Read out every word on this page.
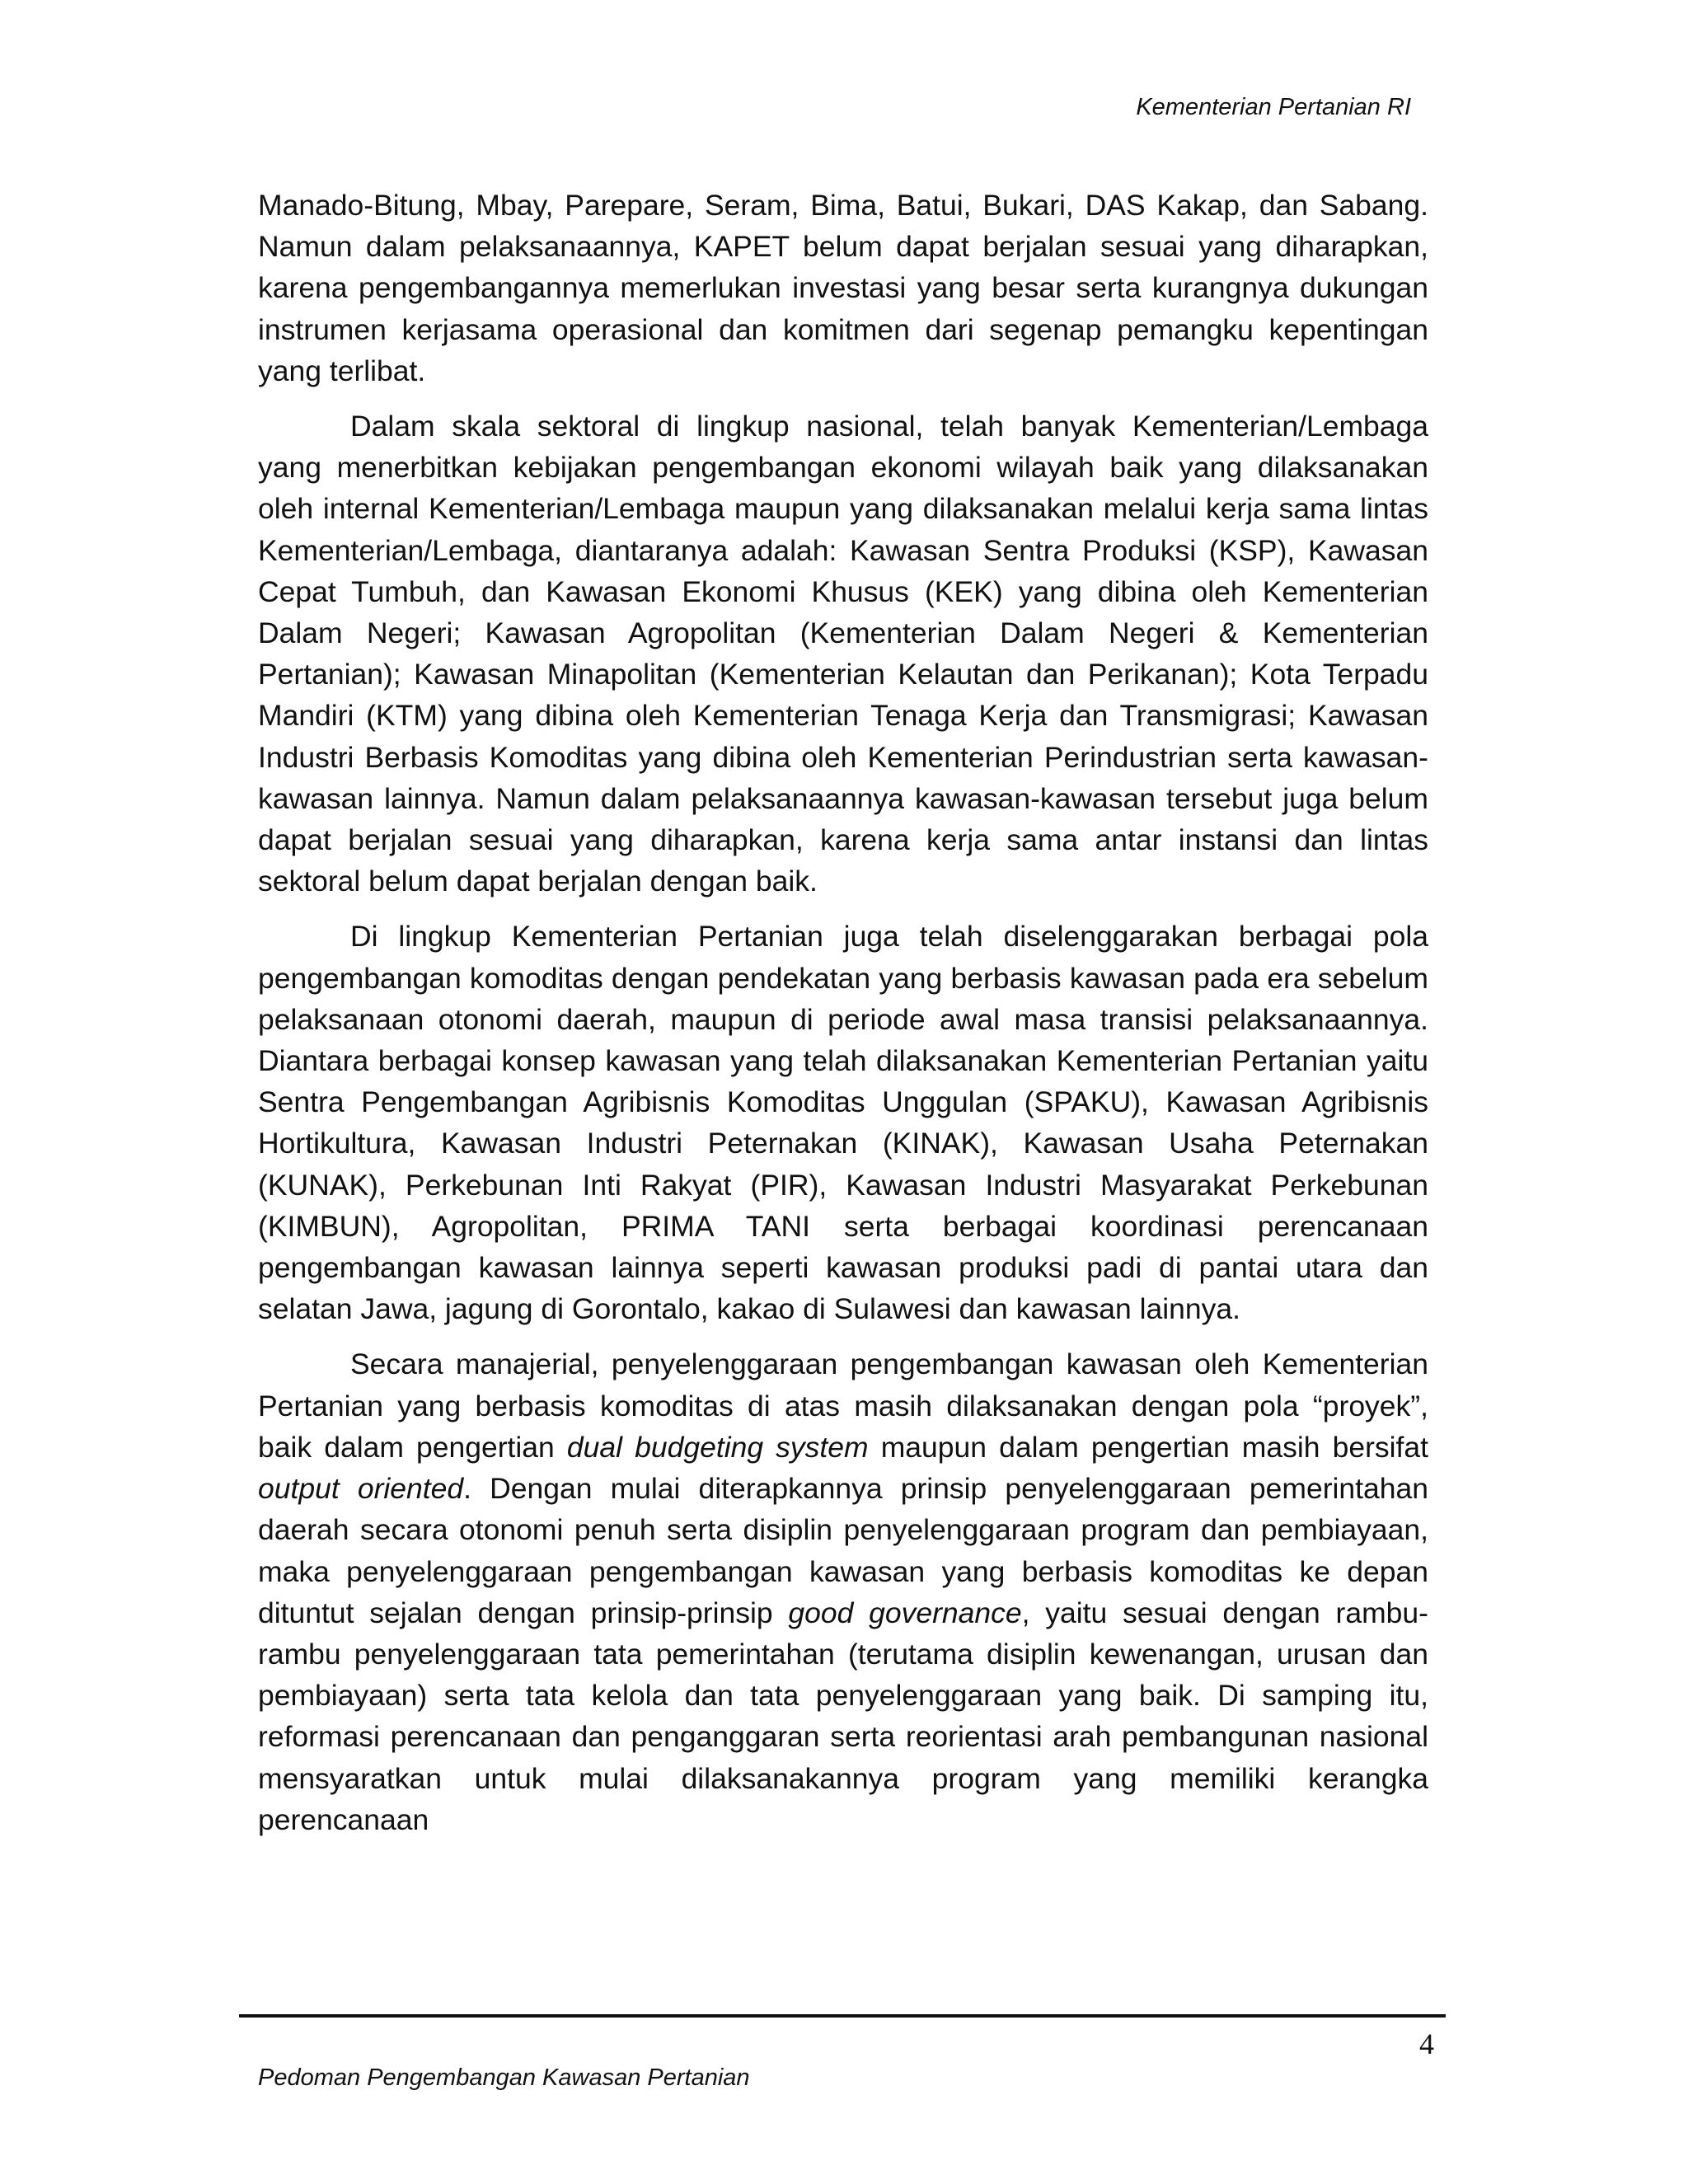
Kementerian Pertanian RI

Manado-Bitung, Mbay, Parepare, Seram, Bima, Batui, Bukari, DAS Kakap, dan Sabang. Namun dalam pelaksanaannya, KAPET belum dapat berjalan sesuai yang diharapkan, karena pengembangannya memerlukan investasi yang besar serta kurangnya dukungan instrumen kerjasama operasional dan komitmen dari segenap pemangku kepentingan yang terlibat.

Dalam skala sektoral di lingkup nasional, telah banyak Kementerian/Lembaga yang menerbitkan kebijakan pengembangan ekonomi wilayah baik yang dilaksanakan oleh internal Kementerian/Lembaga maupun yang dilaksanakan melalui kerja sama lintas Kementerian/Lembaga, diantaranya adalah: Kawasan Sentra Produksi (KSP), Kawasan Cepat Tumbuh, dan Kawasan Ekonomi Khusus (KEK) yang dibina oleh Kementerian Dalam Negeri; Kawasan Agropolitan (Kementerian Dalam Negeri & Kementerian Pertanian); Kawasan Minapolitan (Kementerian Kelautan dan Perikanan); Kota Terpadu Mandiri (KTM) yang dibina oleh Kementerian Tenaga Kerja dan Transmigrasi; Kawasan Industri Berbasis Komoditas yang dibina oleh Kementerian Perindustrian serta kawasan-kawasan lainnya. Namun dalam pelaksanaannya kawasan-kawasan tersebut juga belum dapat berjalan sesuai yang diharapkan, karena kerja sama antar instansi dan lintas sektoral belum dapat berjalan dengan baik.

Di lingkup Kementerian Pertanian juga telah diselenggarakan berbagai pola pengembangan komoditas dengan pendekatan yang berbasis kawasan pada era sebelum pelaksanaan otonomi daerah, maupun di periode awal masa transisi pelaksanaannya. Diantara berbagai konsep kawasan yang telah dilaksanakan Kementerian Pertanian yaitu Sentra Pengembangan Agribisnis Komoditas Unggulan (SPAKU), Kawasan Agribisnis Hortikultura, Kawasan Industri Peternakan (KINAK), Kawasan Usaha Peternakan (KUNAK), Perkebunan Inti Rakyat (PIR), Kawasan Industri Masyarakat Perkebunan (KIMBUN), Agropolitan, PRIMA TANI serta berbagai koordinasi perencanaan pengembangan kawasan lainnya seperti kawasan produksi padi di pantai utara dan selatan Jawa, jagung di Gorontalo, kakao di Sulawesi dan kawasan lainnya.

Secara manajerial, penyelenggaraan pengembangan kawasan oleh Kementerian Pertanian yang berbasis komoditas di atas masih dilaksanakan dengan pola “proyek”, baik dalam pengertian dual budgeting system maupun dalam pengertian masih bersifat output oriented. Dengan mulai diterapkannya prinsip penyelenggaraan pemerintahan daerah secara otonomi penuh serta disiplin penyelenggaraan program dan pembiayaan, maka penyelenggaraan pengembangan kawasan yang berbasis komoditas ke depan dituntut sejalan dengan prinsip-prinsip good governance, yaitu sesuai dengan rambu-rambu penyelenggaraan tata pemerintahan (terutama disiplin kewenangan, urusan dan pembiayaan) serta tata kelola dan tata penyelenggaraan yang baik. Di samping itu, reformasi perencanaan dan penganggaran serta reorientasi arah pembangunan nasional mensyaratkan untuk mulai dilaksanakannya program yang memiliki kerangka perencanaan

4
Pedoman Pengembangan Kawasan Pertanian
